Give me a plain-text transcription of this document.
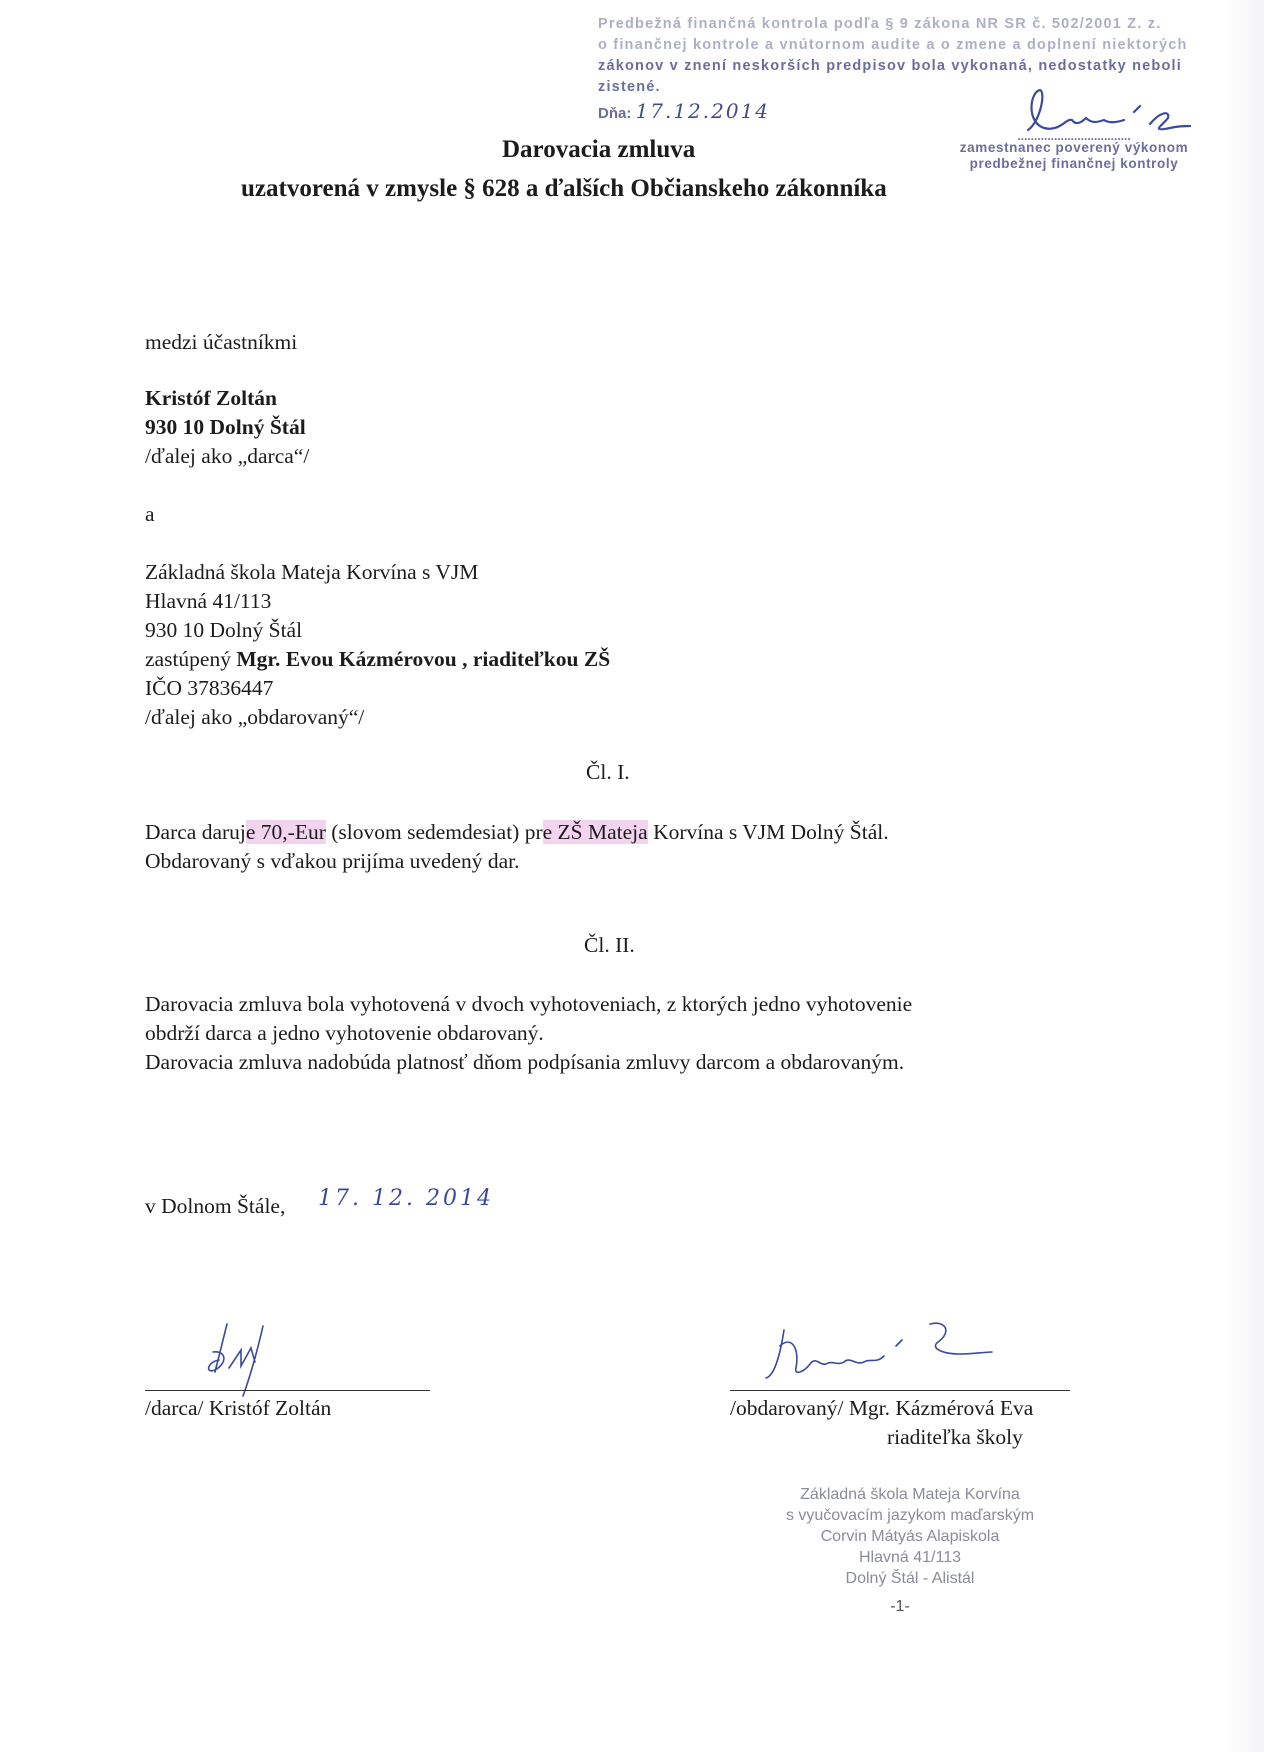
Predbežná finančná kontrola podľa § 9 zákona NR SR č. 502/2001 Z. z.
o finančnej kontrole a vnútornom audite a o zmene a doplnení niektorých
zákonov v znení neskorších predpisov bola vykonaná, nedostatky neboli
zistené.
Dňa: 17.12.2014
..................................
zamestnanec poverený výkonom
predbežnej finančnej kontroly
Darovacia zmluva
uzatvorená v zmysle § 628 a ďalších Občianskeho zákonníka
medzi účastníkmi
Kristóf Zoltán
930 10 Dolný Štál
/ďalej ako „darca“/
a
Základná škola Mateja Korvína s VJM
Hlavná 41/113
930 10 Dolný Štál
zastúpený Mgr. Evou Kázmérovou , riaditeľkou ZŠ
IČO 37836447
/ďalej ako „obdarovaný“/
Čl. I.
Darca daruje 70,-Eur (slovom sedemdesiat) pre ZŠ Mateja Korvína s VJM Dolný Štál.
Obdarovaný s vďakou prijíma uvedený dar.
Čl. II.
Darovacia zmluva bola vyhotovená v dvoch vyhotoveniach, z ktorých jedno vyhotovenie
obdrží darca a jedno vyhotovenie obdarovaný.
Darovacia zmluva nadobúda platnosť dňom podpísania zmluvy darcom a obdarovaným.
v Dolnom Štále, 17. 12. 2014
/darca/ Kristóf Zoltán	/obdarovaný/ Mgr. Kázmérová Eva
riaditeľka školy
Základná škola Mateja Korvína
s vyučovacím jazykom maďarským
Corvin Mátyás Alapiskola
Hlavná 41/113
Dolný Štál - Alistál
-1-
